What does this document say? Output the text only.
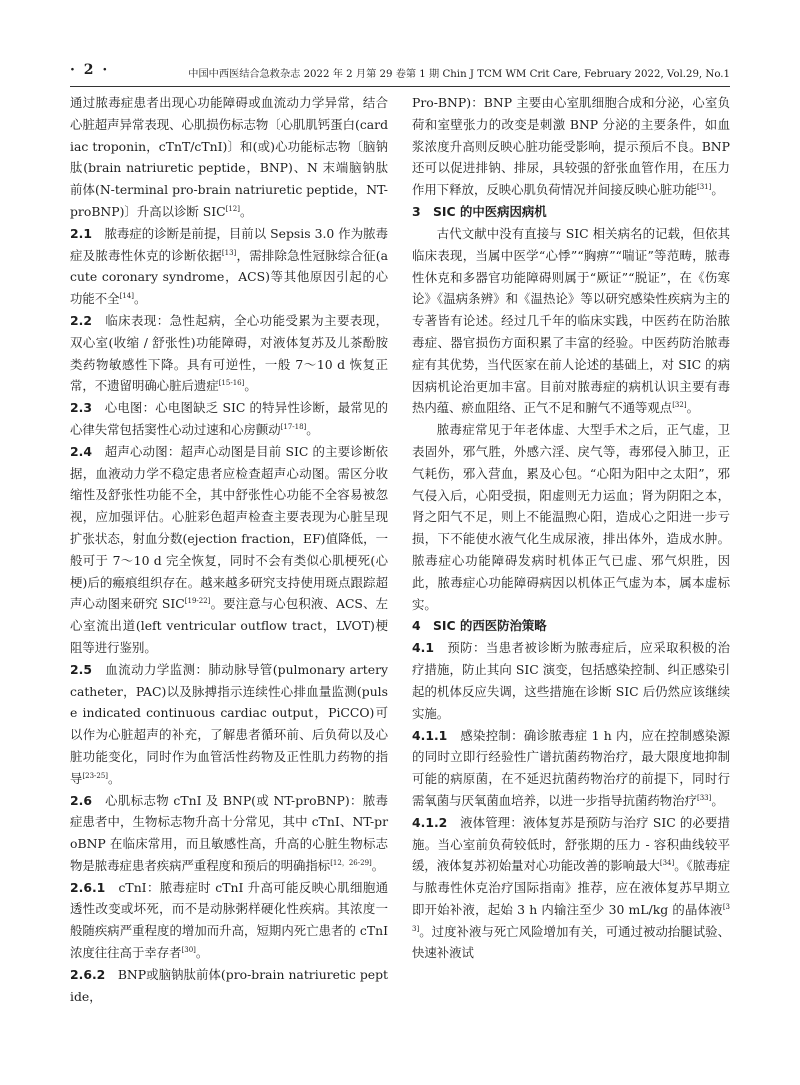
· 2 ·	中国中西医结合急救杂志 2022 年 2 月第 29 卷第 1 期 Chin J TCM WM Crit Care, February 2022, Vol.29, No.1

通过脓毒症患者出现心功能障碍或血流动力学异常，结合心脏超声异常表现、心肌损伤标志物〔心肌肌钙蛋白(cardiac troponin，cTnT/cTnI)〕和(或)心功能标志物〔脑钠肽(brain natriuretic peptide，BNP)、N 末端脑钠肽前体(N-terminal pro-brain natriuretic peptide，NT-proBNP)〕升高以诊断 SIC[12]。

2.1　 脓毒症的诊断是前提，目前以 Sepsis 3.0 作为脓毒症及脓毒性休克的诊断依据[13]，需排除急性冠脉综合征(acute coronary syndrome，ACS)等其他原因引起的心功能不全[14]。

2.2　 临床表现：急性起病，全心功能受累为主要表现，双心室(收缩 / 舒张性)功能障碍，对液体复苏及儿茶酚胺类药物敏感性下降。具有可逆性，一般 7～10 d 恢复正常，不遗留明确心脏后遗症[15-16]。

2.3　 心电图：心电图缺乏 SIC 的特异性诊断，最常见的心律失常包括窦性心动过速和心房颤动[17-18]。

2.4　 超声心动图：超声心动图是目前 SIC 的主要诊断依据，血液动力学不稳定患者应检查超声心动图。需区分收缩性及舒张性功能不全，其中舒张性心功能不全容易被忽视，应加强评估。心脏彩色超声检查主要表现为心脏呈现扩张状态，射血分数(ejection fraction，EF)值降低，一般可于 7～10 d 完全恢复，同时不会有类似心肌梗死(心梗)后的瘢痕组织存在。越来越多研究支持使用斑点跟踪超声心动图来研究 SIC[19-22]。要注意与心包积液、ACS、左心室流出道(left ventricular outflow tract，LVOT)梗阻等进行鉴别。

2.5　 血流动力学监测：肺动脉导管(pulmonary artery catheter，PAC)以及脉搏指示连续性心排血量监测(pulse indicated continuous cardiac output，PiCCO)可以作为心脏超声的补充，了解患者循环前、后负荷以及心脏功能变化，同时作为血管活性药物及正性肌力药物的指导[23-25]。

2.6　 心肌标志物 cTnI 及 BNP(或 NT-proBNP)：脓毒症患者中，生物标志物升高十分常见，其中 cTnI、NT-proBNP 在临床常用，而且敏感性高，升高的心脏生物标志物是脓毒症患者疾病严重程度和预后的明确指标[12，26-29]。

2.6.1　 cTnI：脓毒症时 cTnI 升高可能反映心肌细胞通透性改变或坏死，而不是动脉粥样硬化性疾病。其浓度一般随疾病严重程度的增加而升高，短期内死亡患者的 cTnI 浓度往往高于幸存者[30]。

2.6.2　 BNP或脑钠肽前体(pro-brain natriuretic peptide，

Pro-BNP)：BNP 主要由心室肌细胞合成和分泌，心室负荷和室壁张力的改变是刺激 BNP 分泌的主要条件，如血浆浓度升高则反映心脏功能受影响，提示预后不良。BNP 还可以促进排钠、排尿，具较强的舒张血管作用，在压力作用下释放，反映心肌负荷情况并间接反映心脏功能[31]。

3　SIC 的中医病因病机

古代文献中没有直接与 SIC 相关病名的记载，但依其临床表现，当属中医学“心悸”“胸痹”“喘证”等范畴，脓毒性休克和多器官功能障碍则属于“厥证”“脱证”，在《伤寒论》《温病条辨》和《温热论》等以研究感染性疾病为主的专著皆有论述。经过几千年的临床实践，中医药在防治脓毒症、器官损伤方面积累了丰富的经验。中医药防治脓毒症有其优势，当代医家在前人论述的基础上，对 SIC 的病因病机论治更加丰富。目前对脓毒症的病机认识主要有毒热内蕴、瘀血阻络、正气不足和腑气不通等观点[32]。

脓毒症常见于年老体虚、大型手术之后，正气虚，卫表固外，邪气胜，外感六淫、戾气等，毒邪侵入肺卫，正气耗伤，邪入营血，累及心包。“心阳为阳中之太阳”，邪气侵入后，心阳受损，阳虚则无力运血；肾为阴阳之本，肾之阳气不足，则上不能温煦心阳，造成心之阳进一步亏损，下不能使水液气化生成尿液，排出体外，造成水肿。脓毒症心功能障碍发病时机体正气已虚、邪气炽胜，因此，脓毒症心功能障碍病因以机体正气虚为本，属本虚标实。

4　SIC 的西医防治策略

4.1　 预防：当患者被诊断为脓毒症后，应采取积极的治疗措施，防止其向 SIC 演变，包括感染控制、纠正感染引起的机体反应失调，这些措施在诊断 SIC 后仍然应该继续实施。

4.1.1　 感染控制：确诊脓毒症 1 h 内，应在控制感染源的同时立即行经验性广谱抗菌药物治疗，最大限度地抑制可能的病原菌，在不延迟抗菌药物治疗的前提下，同时行需氧菌与厌氧菌血培养，以进一步指导抗菌药物治疗[33]。

4.1.2　 液体管理：液体复苏是预防与治疗 SIC 的必要措施。当心室前负荷较低时，舒张期的压力 - 容积曲线较平缓，液体复苏初始量对心功能改善的影响最大[34]。《脓毒症与脓毒性休克治疗国际指南》推荐，应在液体复苏早期立即开始补液，起始 3 h 内输注至少 30 mL/kg 的晶体液[33]。过度补液与死亡风险增加有关，可通过被动抬腿试验、快速补液试
